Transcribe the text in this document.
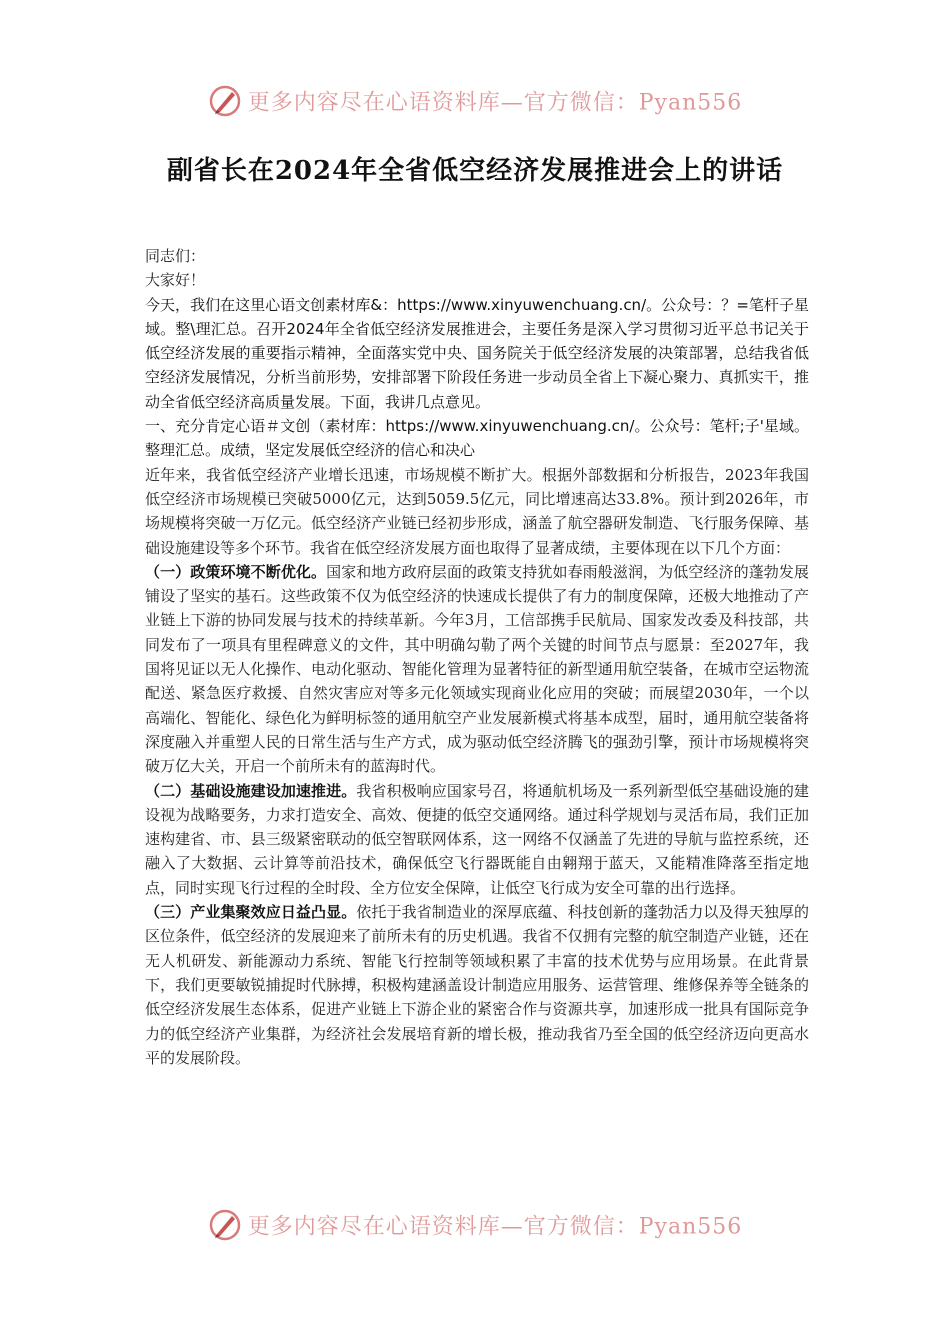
更多内容尽在心语资料库—官方微信：Pyan556
副省长在2024年全省低空经济发展推进会上的讲话

同志们：

大家好！

今天，我们在这里心语文创素材库&：https://www.xinyuwenchuang.cn/。公众号：？=笔杆子星域。整\理汇总。召开2024年全省低空经济发展推进会，主要任务是深入学习贯彻习近平总书记关于低空经济发展的重要指示精神，全面落实党中央、国务院关于低空经济发展的决策部署，总结我省低空经济发展情况，分析当前形势，安排部署下阶段任务进一步动员全省上下凝心聚力、真抓实干，推动全省低空经济高质量发展。下面，我讲几点意见。

一、充分肯定心语＃文创（素材库：https://www.xinyuwenchuang.cn/。公众号：笔杆;子'星域。整理汇总。成绩，坚定发展低空经济的信心和决心

近年来，我省低空经济产业增长迅速，市场规模不断扩大。根据外部数据和分析报告，2023年我国低空经济市场规模已突破5000亿元，达到5059.5亿元，同比增速高达33.8%。预计到2026年，市场规模将突破一万亿元。低空经济产业链已经初步形成，涵盖了航空器研发制造、飞行服务保障、基础设施建设等多个环节。我省在低空经济发展方面也取得了显著成绩，主要体现在以下几个方面：

（一）政策环境不断优化。国家和地方政府层面的政策支持犹如春雨般滋润，为低空经济的蓬勃发展铺设了坚实的基石。这些政策不仅为低空经济的快速成长提供了有力的制度保障，还极大地推动了产业链上下游的协同发展与技术的持续革新。今年3月，工信部携手民航局、国家发改委及科技部，共同发布了一项具有里程碑意义的文件，其中明确勾勒了两个关键的时间节点与愿景：至2027年，我国将见证以无人化操作、电动化驱动、智能化管理为显著特征的新型通用航空装备，在城市空运物流配送、紧急医疗救援、自然灾害应对等多元化领域实现商业化应用的突破；而展望2030年，一个以高端化、智能化、绿色化为鲜明标签的通用航空产业发展新模式将基本成型，届时，通用航空装备将深度融入并重塑人民的日常生活与生产方式，成为驱动低空经济腾飞的强劲引擎，预计市场规模将突破万亿大关，开启一个前所未有的蓝海时代。

（二）基础设施建设加速推进。我省积极响应国家号召，将通航机场及一系列新型低空基础设施的建设视为战略要务，力求打造安全、高效、便捷的低空交通网络。通过科学规划与灵活布局，我们正加速构建省、市、县三级紧密联动的低空智联网体系，这一网络不仅涵盖了先进的导航与监控系统，还融入了大数据、云计算等前沿技术，确保低空飞行器既能自由翱翔于蓝天，又能精准降落至指定地点，同时实现飞行过程的全时段、全方位安全保障，让低空飞行成为安全可靠的出行选择。

（三）产业集聚效应日益凸显。依托于我省制造业的深厚底蕴、科技创新的蓬勃活力以及得天独厚的区位条件，低空经济的发展迎来了前所未有的历史机遇。我省不仅拥有完整的航空制造产业链，还在无人机研发、新能源动力系统、智能飞行控制等领域积累了丰富的技术优势与应用场景。在此背景下，我们更要敏锐捕捉时代脉搏，积极构建涵盖设计制造应用服务、运营管理、维修保养等全链条的低空经济发展生态体系，促进产业链上下游企业的紧密合作与资源共享，加速形成一批具有国际竞争力的低空经济产业集群，为经济社会发展培育新的增长极，推动我省乃至全国的低空经济迈向更高水平的发展阶段。

更多内容尽在心语资料库—官方微信：Pyan556
